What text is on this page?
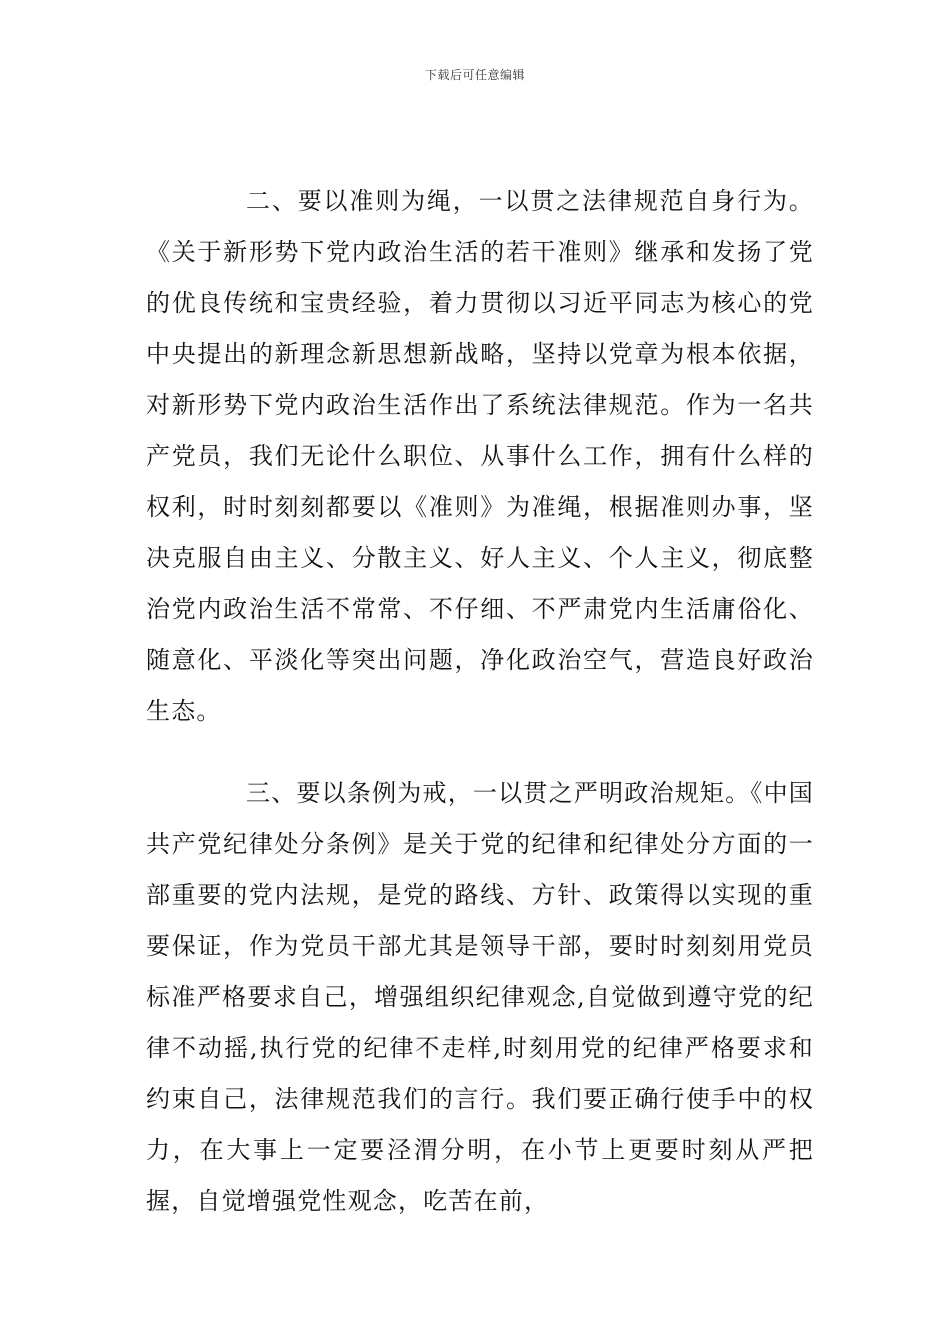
下载后可任意编辑

二、要以准则为绳，一以贯之法律规范自身行为。《关于新形势下党内政治生活的若干准则》继承和发扬了党的优良传统和宝贵经验，着力贯彻以习近平同志为核心的党中央提出的新理念新思想新战略，坚持以党章为根本依据，对新形势下党内政治生活作出了系统法律规范。作为一名共产党员，我们无论什么职位、从事什么工作，拥有什么样的权利，时时刻刻都要以《准则》为准绳，根据准则办事，坚决克服自由主义、分散主义、好人主义、个人主义，彻底整治党内政治生活不常常、不仔细、不严肃党内生活庸俗化、随意化、平淡化等突出问题，净化政治空气，营造良好政治生态。

三、要以条例为戒，一以贯之严明政治规矩。《中国共产党纪律处分条例》是关于党的纪律和纪律处分方面的一部重要的党内法规，是党的路线、方针、政策得以实现的重要保证，作为党员干部尤其是领导干部，要时时刻刻用党员标准严格要求自己，增强组织纪律观念,自觉做到遵守党的纪律不动摇,执行党的纪律不走样,时刻用党的纪律严格要求和约束自己，法律规范我们的言行。我们要正确行使手中的权力，在大事上一定要泾渭分明，在小节上更要时刻从严把握，自觉增强党性观念，吃苦在前，
